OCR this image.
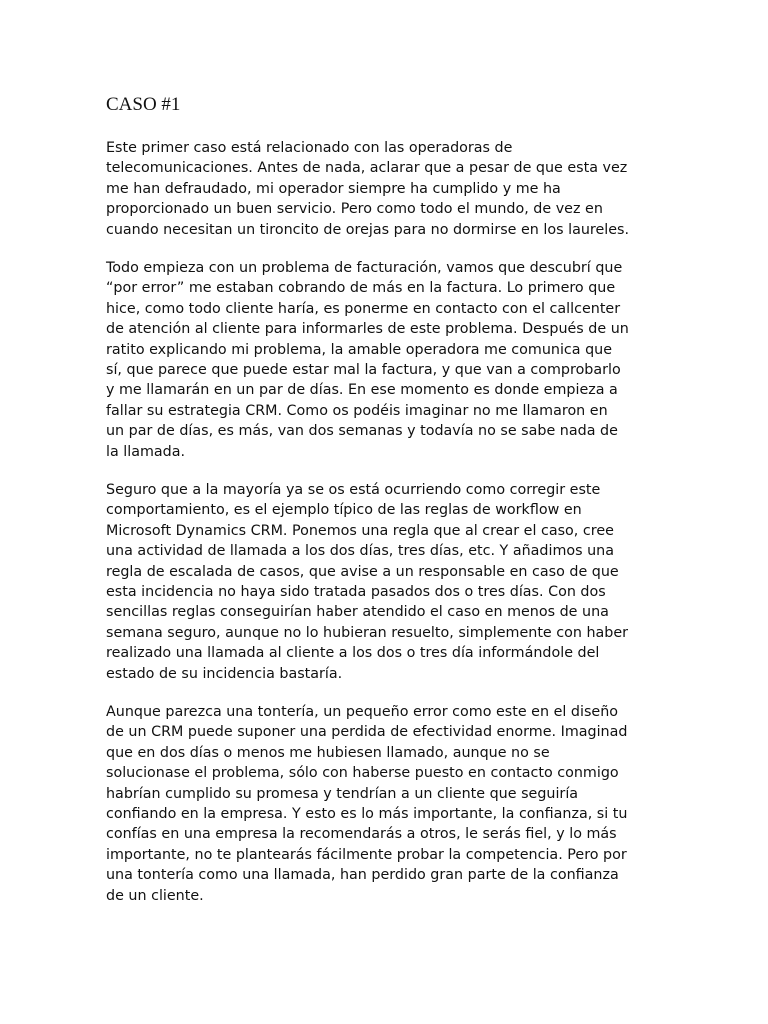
CASO #1

Este primer caso está relacionado con las operadoras de
telecomunicaciones. Antes de nada, aclarar que a pesar de que esta vez
me han defraudado, mi operador siempre ha cumplido y me ha
proporcionado un buen servicio. Pero como todo el mundo, de vez en
cuando necesitan un tironcito de orejas para no dormirse en los laureles.

Todo empieza con un problema de facturación, vamos que descubrí que
“por error” me estaban cobrando de más en la factura. Lo primero que
hice, como todo cliente haría, es ponerme en contacto con el callcenter
de atención al cliente para informarles de este problema. Después de un
ratito explicando mi problema, la amable operadora me comunica que
sí, que parece que puede estar mal la factura, y que van a comprobarlo
y me llamarán en un par de días. En ese momento es donde empieza a
fallar su estrategia CRM. Como os podéis imaginar no me llamaron en
un par de días, es más, van dos semanas y todavía no se sabe nada de
la llamada.

Seguro que a la mayoría ya se os está ocurriendo como corregir este
comportamiento, es el ejemplo típico de las reglas de workflow en
Microsoft Dynamics CRM. Ponemos una regla que al crear el caso, cree
una actividad de llamada a los dos días, tres días, etc. Y añadimos una
regla de escalada de casos, que avise a un responsable en caso de que
esta incidencia no haya sido tratada pasados dos o tres días. Con dos
sencillas reglas conseguirían haber atendido el caso en menos de una
semana seguro, aunque no lo hubieran resuelto, simplemente con haber
realizado una llamada al cliente a los dos o tres día informándole del
estado de su incidencia bastaría.

Aunque parezca una tontería, un pequeño error como este en el diseño
de un CRM puede suponer una perdida de efectividad enorme. Imaginad
que en dos días o menos me hubiesen llamado, aunque no se
solucionase el problema, sólo con haberse puesto en contacto conmigo
habrían cumplido su promesa y tendrían a un cliente que seguiría
confiando en la empresa. Y esto es lo más importante, la confianza, si tu
confías en una empresa la recomendarás a otros, le serás fiel, y lo más
importante, no te plantearás fácilmente probar la competencia. Pero por
una tontería como una llamada, han perdido gran parte de la confianza
de un cliente.
